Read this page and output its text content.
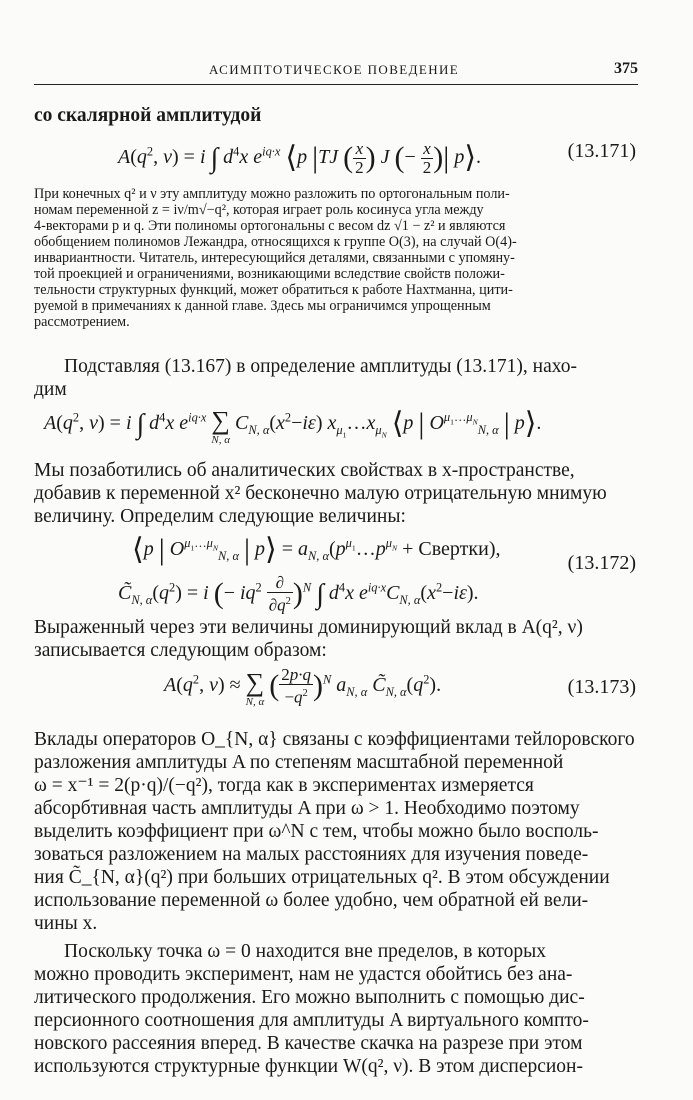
АСИМПТОТИЧЕСКОЕ ПОВЕДЕНИЕ	375

со скалярной амплитудой

$A(q^2$, ν) = i ∫ $d^4x$ $e^{iq\cdot x}$ ⟨p |TJ ( $\frac{x}{2}$ ) J (− $\frac{x}{2}$ )| p⟩.	(13.171)

При конечных q² и ν эту амплитуду можно разложить по ортогональным поли-

номам переменной z = iν/m√−q², которая играет роль косинуса угла между

4-векторами p и q. Эти полиномы ортогональны с весом dz √1 − z² и являются

обобщением полиномов Лежандра, относящихся к группе O(3), на случай O(4)-

инвариантности. Читатель, интересующийся деталями, связанными с упомяну-

той проекцией и ограничениями, возникающими вследствие свойств положи-

тельности структурных функций, может обратиться к работе Нахтманна, цити-

руемой в примечаниях к данной главе. Здесь мы ограничимся упрощенным

рассмотрением.

Подставляя (13.167) в определение амплитуды (13.171), нахо-

дим

$A(q^2$, ν) = i ∫ $d^4x$ $e^{iq\cdot x}$ ∑
N, α
$C_{N, \alpha}(x^2-i\varepsilon)$ $x_{\mu_1}\dots x_{\mu_N}$ ⟨p | $O^{\mu_1\dots\mu_N}_{N, \alpha}$ | p⟩.

Мы позаботились об аналитических свойствах в x-пространстве,

добавив к переменной x² бесконечно малую отрицательную мнимую

величину. Определим следующие величины:

⟨p | $O^{\mu_1\dots\mu_N}_{N, \alpha}$ | p⟩ = $a_{N, \alpha}(p^{\mu_1}\dots p^{\mu_N}$ + Свертки),
$C̃_{N, \alpha}(q^2) = i$ (− $iq^2 \frac{\partial}{\partial q^2} )^N$ ∫ $d^4x$ $e^{iq\cdot x}C_{N, \alpha}(x^2-i\varepsilon)$.
(13.172)

Выраженный через эти величины доминирующий вклад в A(q², ν)

записывается следующим образом:

$A(q^2$, ν) ≈ ∑
N, α ( $\frac{2p\cdot q}{-q^2} )^N$ $a_{N, \alpha}$ $C̃_{N, \alpha}(q^2)$.	(13.173)

Вклады операторов O_{N, α} связаны с коэффициентами тейлоровского

разложения амплитуды A по степеням масштабной переменной

ω = x⁻¹ = 2(p·q)/(−q²), тогда как в экспериментах измеряется

абсорбтивная часть амплитуды A при ω > 1. Необходимо поэтому

выделить коэффициент при ω^N с тем, чтобы можно было восполь-

зоваться разложением на малых расстояниях для изучения поведе-

ния C̃_{N, α}(q²) при больших отрицательных q². В этом обсуждении

использование переменной ω более удобно, чем обратной ей вели-

чины x.

Поскольку точка ω = 0 находится вне пределов, в которых

можно проводить эксперимент, нам не удастся обойтись без ана-

литического продолжения. Его можно выполнить с помощью дис-

персионного соотношения для амплитуды A виртуального компто-

новского рассеяния вперед. В качестве скачка на разрезе при этом

используются структурные функции W(q², ν). В этом дисперсион-
